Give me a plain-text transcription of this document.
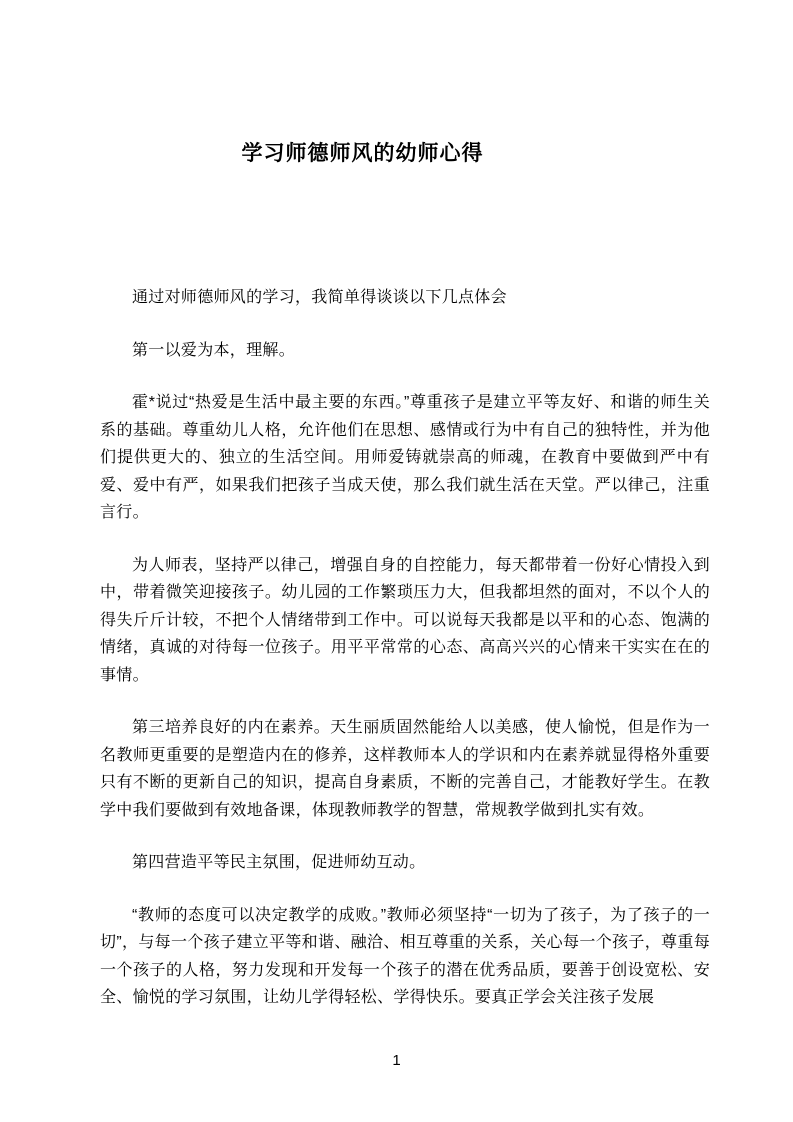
学习师德师风的幼师心得

通过对师德师风的学习，我简单得谈谈以下几点体会

第一以爱为本，理解。

霍*说过“热爱是生活中最主要的东西。”尊重孩子是建立平等友好、和谐的师生关系的基础。尊重幼儿人格，允许他们在思想、感情或行为中有自己的独特性，并为他们提供更大的、独立的生活空间。用师爱铸就崇高的师魂，在教育中要做到严中有爱、爱中有严，如果我们把孩子当成天使，那么我们就生活在天堂。严以律己，注重言行。

为人师表，坚持严以律己，增强自身的自控能力，每天都带着一份好心情投入到中，带着微笑迎接孩子。幼儿园的工作繁琐压力大，但我都坦然的面对，不以个人的得失斤斤计较，不把个人情绪带到工作中。可以说每天我都是以平和的心态、饱满的情绪，真诚的对待每一位孩子。用平平常常的心态、高高兴兴的心情来干实实在在的事情。

第三培养良好的内在素养。天生丽质固然能给人以美感，使人愉悦，但是作为一名教师更重要的是塑造内在的修养，这样教师本人的学识和内在素养就显得格外重要只有不断的更新自己的知识，提高自身素质，不断的完善自己，才能教好学生。在教学中我们要做到有效地备课，体现教师教学的智慧，常规教学做到扎实有效。

第四营造平等民主氛围，促进师幼互动。

“教师的态度可以决定教学的成败。”教师必须坚持“一切为了孩子，为了孩子的一切”，与每一个孩子建立平等和谐、融洽、相互尊重的关系，关心每一个孩子，尊重每一个孩子的人格，努力发现和开发每一个孩子的潜在优秀品质，要善于创设宽松、安全、愉悦的学习氛围，让幼儿学得轻松、学得快乐。要真正学会关注孩子发展

1
